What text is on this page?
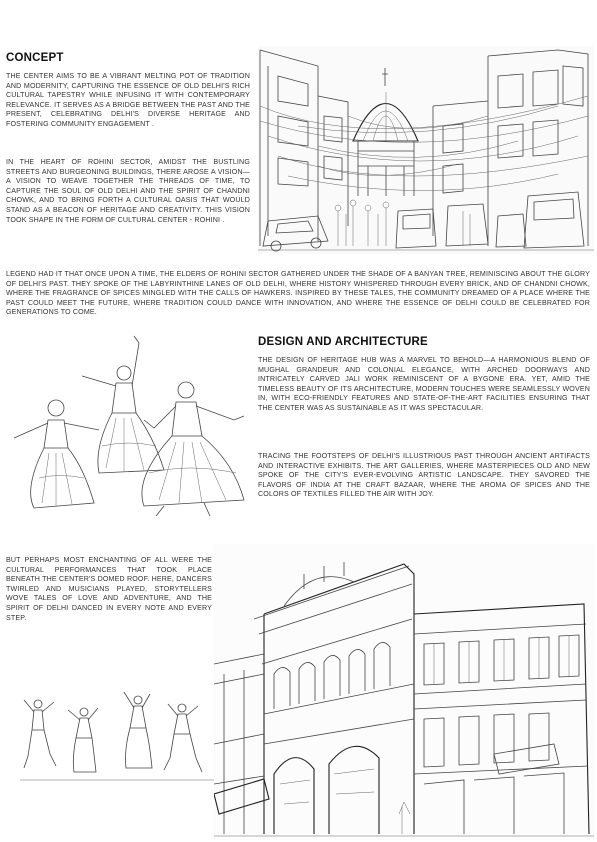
CONCEPT

THE CENTER AIMS TO BE A VIBRANT MELTING POT OF TRADITION AND MODERNITY, CAPTURING THE ESSENCE OF OLD DELHI'S RICH CULTURAL TAPESTRY WHILE INFUSING IT WITH CONTEMPORARY RELEVANCE. IT SERVES AS A BRIDGE BETWEEN THE PAST AND THE PRESENT, CELEBRATING DELHI'S DIVERSE HERITAGE AND FOSTERING COMMUNITY ENGAGEMENT .

IN THE HEART OF ROHINI SECTOR, AMIDST THE BUSTLING STREETS AND BURGEONING BUILDINGS, THERE AROSE A VISION—A VISION TO WEAVE TOGETHER THE THREADS OF TIME, TO CAPTURE THE SOUL OF OLD DELHI AND THE SPIRIT OF CHANDNI CHOWK, AND TO BRING FORTH A CULTURAL OASIS THAT WOULD STAND AS A BEACON OF HERITAGE AND CREATIVITY. THIS VISION TOOK SHAPE IN THE FORM OF CULTURAL CENTER - ROHINI .

LEGEND HAD IT THAT ONCE UPON A TIME, THE ELDERS OF ROHINI SECTOR GATHERED UNDER THE SHADE OF A BANYAN TREE, REMINISCING ABOUT THE GLORY OF DELHI'S PAST. THEY SPOKE OF THE LABYRINTHINE LANES OF OLD DELHI, WHERE HISTORY WHISPERED THROUGH EVERY BRICK, AND OF CHANDNI CHOWK, WHERE THE FRAGRANCE OF SPICES MINGLED WITH THE CALLS OF HAWKERS. INSPIRED BY THESE TALES, THE COMMUNITY DREAMED OF A PLACE WHERE THE PAST COULD MEET THE FUTURE, WHERE TRADITION COULD DANCE WITH INNOVATION, AND WHERE THE ESSENCE OF DELHI COULD BE CELEBRATED FOR GENERATIONS TO COME.

DESIGN AND ARCHITECTURE

THE DESIGN OF HERITAGE HUB WAS A MARVEL TO BEHOLD—A HARMONIOUS BLEND OF MUGHAL GRANDEUR AND COLONIAL ELEGANCE, WITH ARCHED DOORWAYS AND INTRICATELY CARVED JALI WORK REMINISCENT OF A BYGONE ERA. YET, AMID THE TIMELESS BEAUTY OF ITS ARCHITECTURE, MODERN TOUCHES WERE SEAMLESSLY WOVEN IN, WITH ECO-FRIENDLY FEATURES AND STATE-OF-THE-ART FACILITIES ENSURING THAT THE CENTER WAS AS SUSTAINABLE AS IT WAS SPECTACULAR.

TRACING THE FOOTSTEPS OF DELHI'S ILLUSTRIOUS PAST THROUGH ANCIENT ARTIFACTS AND INTERACTIVE EXHIBITS. THE ART GALLERIES, WHERE MASTERPIECES OLD AND NEW SPOKE OF THE CITY'S EVER-EVOLVING ARTISTIC LANDSCAPE. THEY SAVORED THE FLAVORS OF INDIA AT THE CRAFT BAZAAR, WHERE THE AROMA OF SPICES AND THE COLORS OF TEXTILES FILLED THE AIR WITH JOY.

BUT PERHAPS MOST ENCHANTING OF ALL WERE THE CULTURAL PERFORMANCES THAT TOOK PLACE BENEATH THE CENTER'S DOMED ROOF. HERE, DANCERS TWIRLED AND MUSICIANS PLAYED, STORYTELLERS WOVE TALES OF LOVE AND ADVENTURE, AND THE SPIRIT OF DELHI DANCED IN EVERY NOTE AND EVERY STEP.
